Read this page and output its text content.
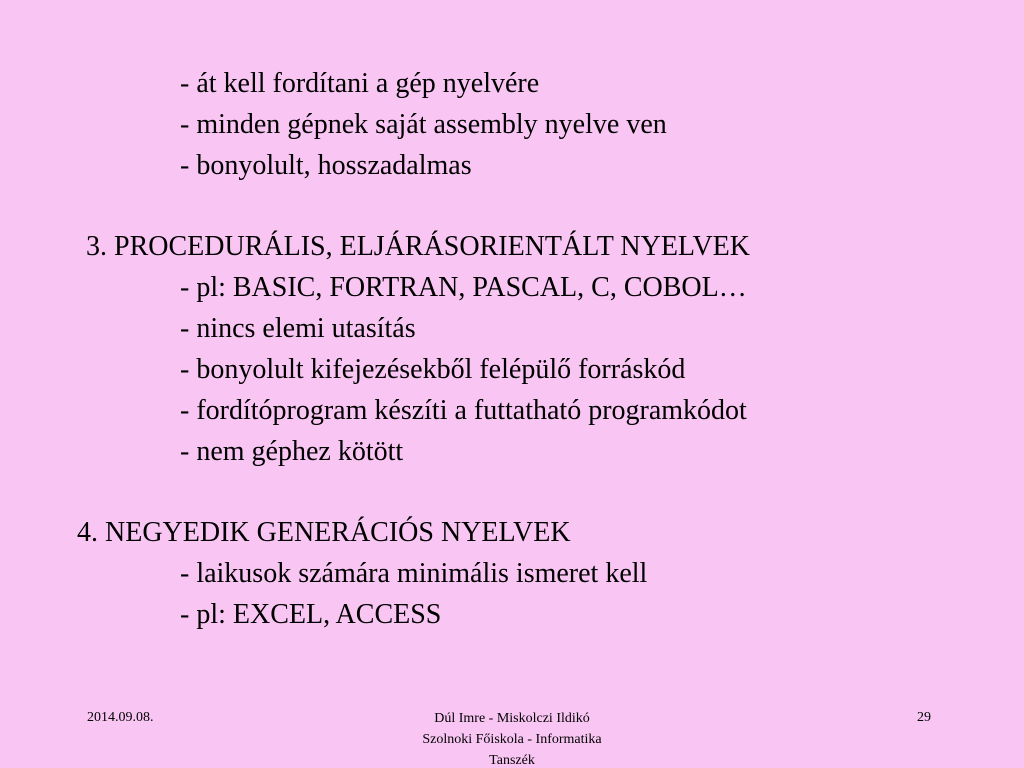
- át kell fordítani a gép nyelvére
- minden gépnek saját assembly nyelve ven
- bonyolult, hosszadalmas
3. PROCEDURÁLIS, ELJÁRÁSORIENTÁLT NYELVEK
- pl: BASIC, FORTRAN, PASCAL, C, COBOL…
- nincs elemi utasítás
- bonyolult kifejezésekből felépülő forráskód
- fordítóprogram készíti a futtatható programkódot
- nem géphez kötött
4. NEGYEDIK GENERÁCIÓS NYELVEK
- laikusok számára minimális ismeret kell
- pl: EXCEL, ACCESS
2014.09.08.	Dúl Imre - Miskolczi Ildikó
Szolnoki Főiskola - Informatika
Tanszék
29
